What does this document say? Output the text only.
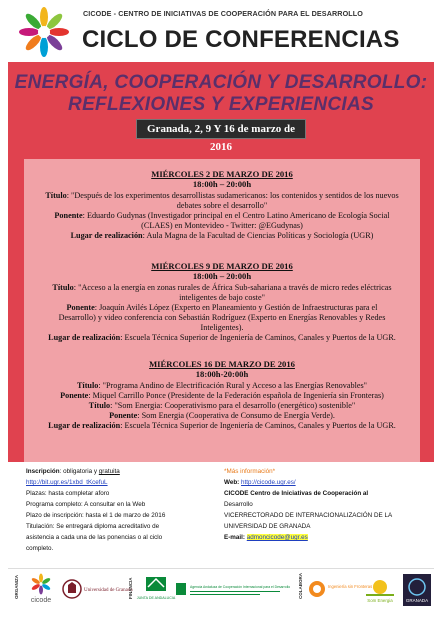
CICODE - CENTRO DE INICIATIVAS DE COOPERACIÓN PARA EL DESARROLLO
CICLO DE CONFERENCIAS
ENERGÍA, COOPERACIÓN Y DESARROLLO:
REFLEXIONES Y EXPERIENCIAS
Granada, 2, 9 Y 16 de marzo de 2016

MIÉRCOLES 2 DE MARZO DE 2016

18:00h – 20:00h

Título: "Después de los experimentos desarrollistas sudamericanos: los contenidos y sentidos de los nuevos

debates sobre el desarrollo"

Ponente: Eduardo Gudynas (Investigador principal en el Centro Latino Americano de Ecología Social

(CLAES) en Montevideo - Twitter: @EGudynas)

Lugar de realización: Aula Magna de la Facultad de Ciencias Políticas y Sociología (UGR)

MIÉRCOLES 9 DE MARZO DE 2016

18:00h – 20:00h

Título: "Acceso a la energía en zonas rurales de África Sub-sahariana a través de micro redes eléctricas

inteligentes de bajo coste"

Ponente: Joaquín Avilés López (Experto en Planeamiento y Gestión de Infraestructuras para el

Desarrollo) y video conferencia con Sebastián Rodríguez (Experto en Energías Renovables y Redes

Inteligentes).

Lugar de realización: Escuela Técnica Superior de Ingeniería de Caminos, Canales y Puertos de la UGR.

MIÉRCOLES 16 DE MARZO DE 2016

18:00h-20:00h

Título: "Programa Andino de Electrificación Rural y Acceso a las Energías Renovables"

Ponente: Miquel Carrillo Ponce (Presidente de la Federación española de Ingeniería sin Fronteras)

Título: "Som Energia: Cooperativismo para el desarrollo (energético) sostenible"

Ponente: Som Energia (Cooperativa de Consumo de Energía Verde).

Lugar de realización: Escuela Técnica Superior de Ingeniería de Caminos, Canales y Puertos de la UGR.

Inscripción: obligatoria y gratuita
http://bit.ugr.es/1xbd_tKcefuL
Plazas: hasta completar aforo
Programa completo: A consultar en la Web
Plazo de inscripción: hasta el 1 de marzo de 2016
Titulación: Se entregará diploma acreditativo de
asistencia a cada una de las ponencias o al ciclo
completo.
*Más información*
Web: http://cicode.ugr.es/
CICODE Centro de Iniciativas de Cooperación al
Desarrollo
VICERRECTORADO DE INTERNACIONALIZACIÓN DE LA
UNIVERSIDAD DE GRANADA
E-mail: admoncicode@ugr.es
ORGANIZA
cicode
Universidad de Granada
FINANCIA JUNTA DE ANDALUCIA
Agencia Andaluza de Cooperación Internacional para el Desarrollo COLABORA	Ingeniería sin Fronteras
Som Energia	GRANADA
